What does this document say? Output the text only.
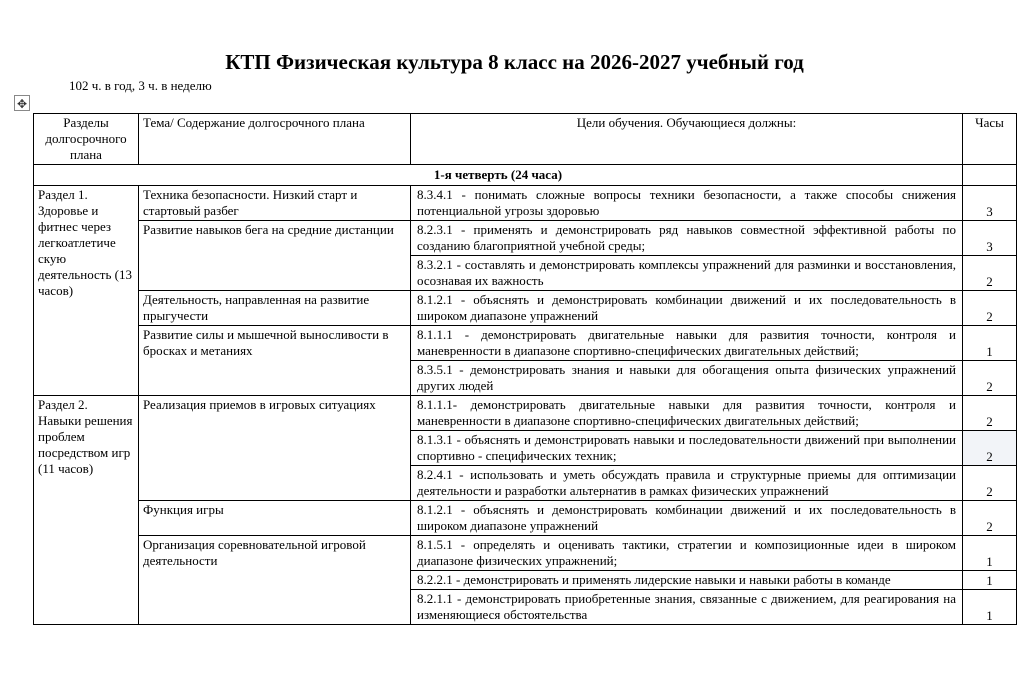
КТП Физическая культура 8 класс на 2026-2027 учебный год
102 ч. в год, 3 ч. в неделю
✥
Разделы долгосрочного плана	Тема/ Содержание долгосрочного плана	Цели обучения. Обучающиеся должны:	Часы
1-я четверть (24 часа)			
Раздел 1. Здоровье и фитнес через легкоатлетиче скую деятельность (13 часов)	Техника безопасности. Низкий старт и стартовый разбег	8.3.4.1 - понимать сложные вопросы техники безопасности, а также способы снижения потенциальной угрозы здоровью	3
	Развитие навыков бега на средние дистанции	8.2.3.1 - применять и демонстрировать ряд навыков совместной эффективной работы по созданию благоприятной учебной среды;	3
		8.3.2.1 - составлять и демонстрировать комплексы упражнений для разминки и восстановления, осознавая их важность	2
	Деятельность, направленная на развитие прыгучести	8.1.2.1 - объяснять и демонстрировать комбинации движений и их последовательность в широком диапазоне упражнений	2
	Развитие силы и мышечной выносливости в бросках и метаниях	8.1.1.1 - демонстрировать двигательные навыки для развития точности, контроля и маневренности в диапазоне спортивно-специфических двигательных действий;	1
		8.3.5.1 - демонстрировать знания и навыки для обогащения опыта физических упражнений других людей	2
Раздел 2. Навыки решения проблем посредством игр (11 часов)	Реализация приемов в игровых ситуациях	8.1.1.1- демонстрировать двигательные навыки для развития точности, контроля и маневренности в диапазоне спортивно-специфических двигательных действий;	2
		8.1.3.1 - объяснять и демонстрировать навыки и последовательности движений при выполнении спортивно - специфических техник;	2
		8.2.4.1 - использовать и уметь обсуждать правила и структурные приемы для оптимизации деятельности и разработки альтернатив в рамках физических упражнений	2
	Функция игры	8.1.2.1 - объяснять и демонстрировать комбинации движений и их последовательность в широком диапазоне упражнений	2
	Организация соревновательной игровой деятельности	8.1.5.1 - определять и оценивать тактики, стратегии и композиционные идеи в широком диапазоне физических упражнений;	1
		8.2.2.1 - демонстрировать и применять лидерские навыки и навыки работы в команде	1
		8.2.1.1 - демонстрировать приобретенные знания, связанные с движением, для реагирования на изменяющиеся обстоятельства	1
